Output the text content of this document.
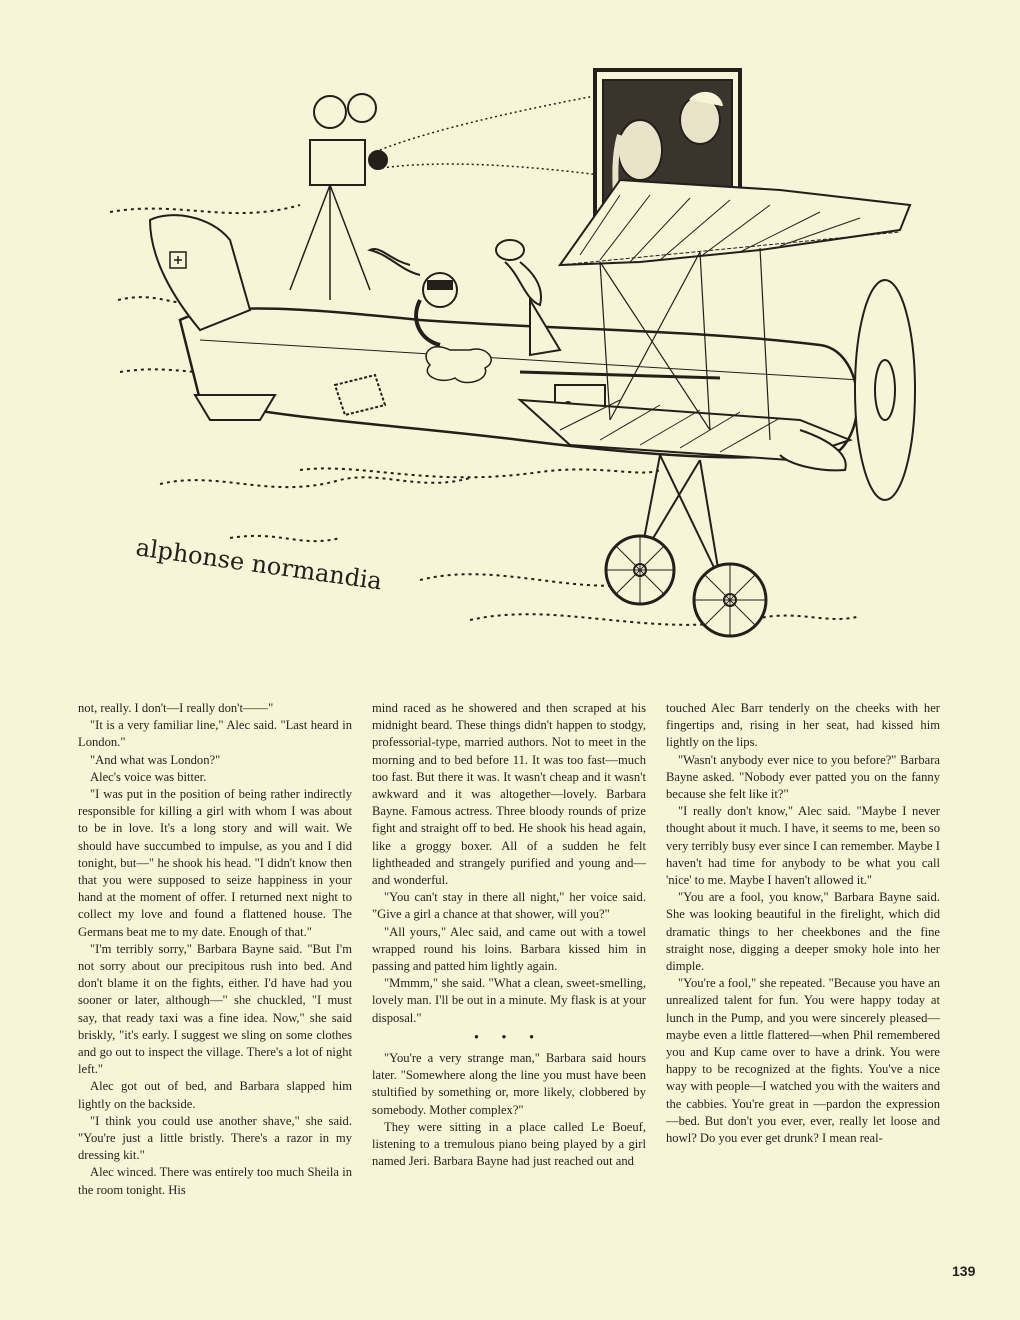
alphonse normandia

not, really. I don't—I really don't——"

"It is a very familiar line," Alec said. "Last heard in London."

"And what was London?"

Alec's voice was bitter.

"I was put in the position of being rather indirectly responsible for killing a girl with whom I was about to be in love. It's a long story and will wait. We should have succumbed to impulse, as you and I did tonight, but—" he shook his head. "I didn't know then that you were supposed to seize happiness in your hand at the moment of offer. I returned next night to collect my love and found a flattened house. The Germans beat me to my date. Enough of that."

"I'm terribly sorry," Barbara Bayne said. "But I'm not sorry about our precipitous rush into bed. And don't blame it on the fights, either. I'd have had you sooner or later, although—" she chuckled, "I must say, that ready taxi was a fine idea. Now," she said briskly, "it's early. I suggest we sling on some clothes and go out to inspect the village. There's a lot of night left."

Alec got out of bed, and Barbara slapped him lightly on the backside.

"I think you could use another shave," she said. "You're just a little bristly. There's a razor in my dressing kit."

Alec winced. There was entirely too much Sheila in the room tonight. His

mind raced as he showered and then scraped at his midnight beard. These things didn't happen to stodgy, professorial-type, married authors. Not to meet in the morning and to bed before 11. It was too fast—much too fast. But there it was. It wasn't cheap and it wasn't awkward and it was altogether—lovely. Barbara Bayne. Famous actress. Three bloody rounds of prize fight and straight off to bed. He shook his head again, like a groggy boxer. All of a sudden he felt lightheaded and strangely purified and young and—and wonderful.

"You can't stay in there all night," her voice said. "Give a girl a chance at that shower, will you?"

"All yours," Alec said, and came out with a towel wrapped round his loins. Barbara kissed him in passing and patted him lightly again.

"Mmmm," she said. "What a clean, sweet-smelling, lovely man. I'll be out in a minute. My flask is at your disposal."

• • •

"You're a very strange man," Barbara said hours later. "Somewhere along the line you must have been stultified by something or, more likely, clobbered by somebody. Mother complex?"

They were sitting in a place called Le Boeuf, listening to a tremulous piano being played by a girl named Jeri. Barbara Bayne had just reached out and

touched Alec Barr tenderly on the cheeks with her fingertips and, rising in her seat, had kissed him lightly on the lips.

"Wasn't anybody ever nice to you before?" Barbara Bayne asked. "Nobody ever patted you on the fanny because she felt like it?"

"I really don't know," Alec said. "Maybe I never thought about it much. I have, it seems to me, been so very terribly busy ever since I can remember. Maybe I haven't had time for anybody to be what you call 'nice' to me. Maybe I haven't allowed it."

"You are a fool, you know," Barbara Bayne said. She was looking beautiful in the firelight, which did dramatic things to her cheekbones and the fine straight nose, digging a deeper smoky hole into her dimple.

"You're a fool," she repeated. "Because you have an unrealized talent for fun. You were happy today at lunch in the Pump, and you were sincerely pleased—maybe even a little flattered—when Phil remembered you and Kup came over to have a drink. You were happy to be recognized at the fights. You've a nice way with people—I watched you with the waiters and the cabbies. You're great in —pardon the expression—bed. But don't you ever, ever, really let loose and howl? Do you ever get drunk? I mean real-

139
